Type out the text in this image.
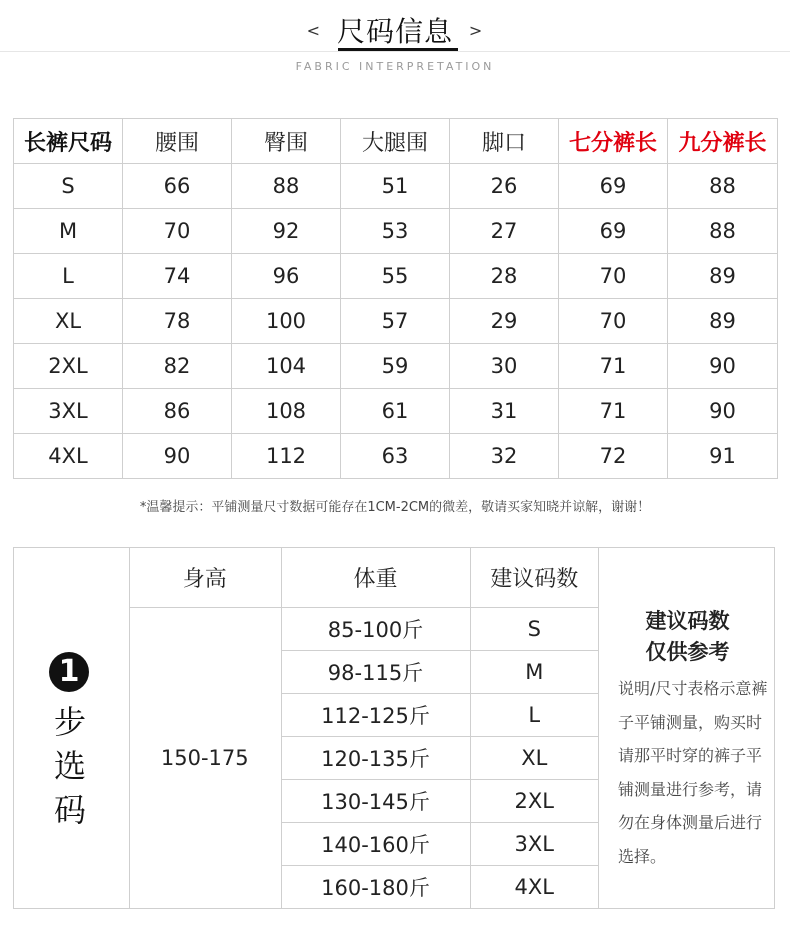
< 尺码信息 >
FABRIC INTERPRETATION
长裤尺码	腰围	臀围	大腿围	脚口	七分裤长	九分裤长
S	66	88	51	26	69	88
M	70	92	53	27	69	88
L	74	96	55	28	70	89
XL	78	100	57	29	70	89
2XL	82	104	59	30	71	90
3XL	86	108	61	31	71	90
4XL	90	112	63	32	72	91
*温馨提示：平铺测量尺寸数据可能存在1CM-2CM的微差，敬请买家知晓并谅解，谢谢！
1
步
选
码
身高	体重	建议码数
150-175	85-100斤	S
	98-115斤	M
	112-125斤	L
	120-135斤	XL
	130-145斤	2XL
	140-160斤	3XL
	160-180斤	4XL
建议码数
仅供参考
说明/尺寸表格示意裤子平铺测量，购买时请那平时穿的裤子平铺测量进行参考，请勿在身体测量后进行选择。
